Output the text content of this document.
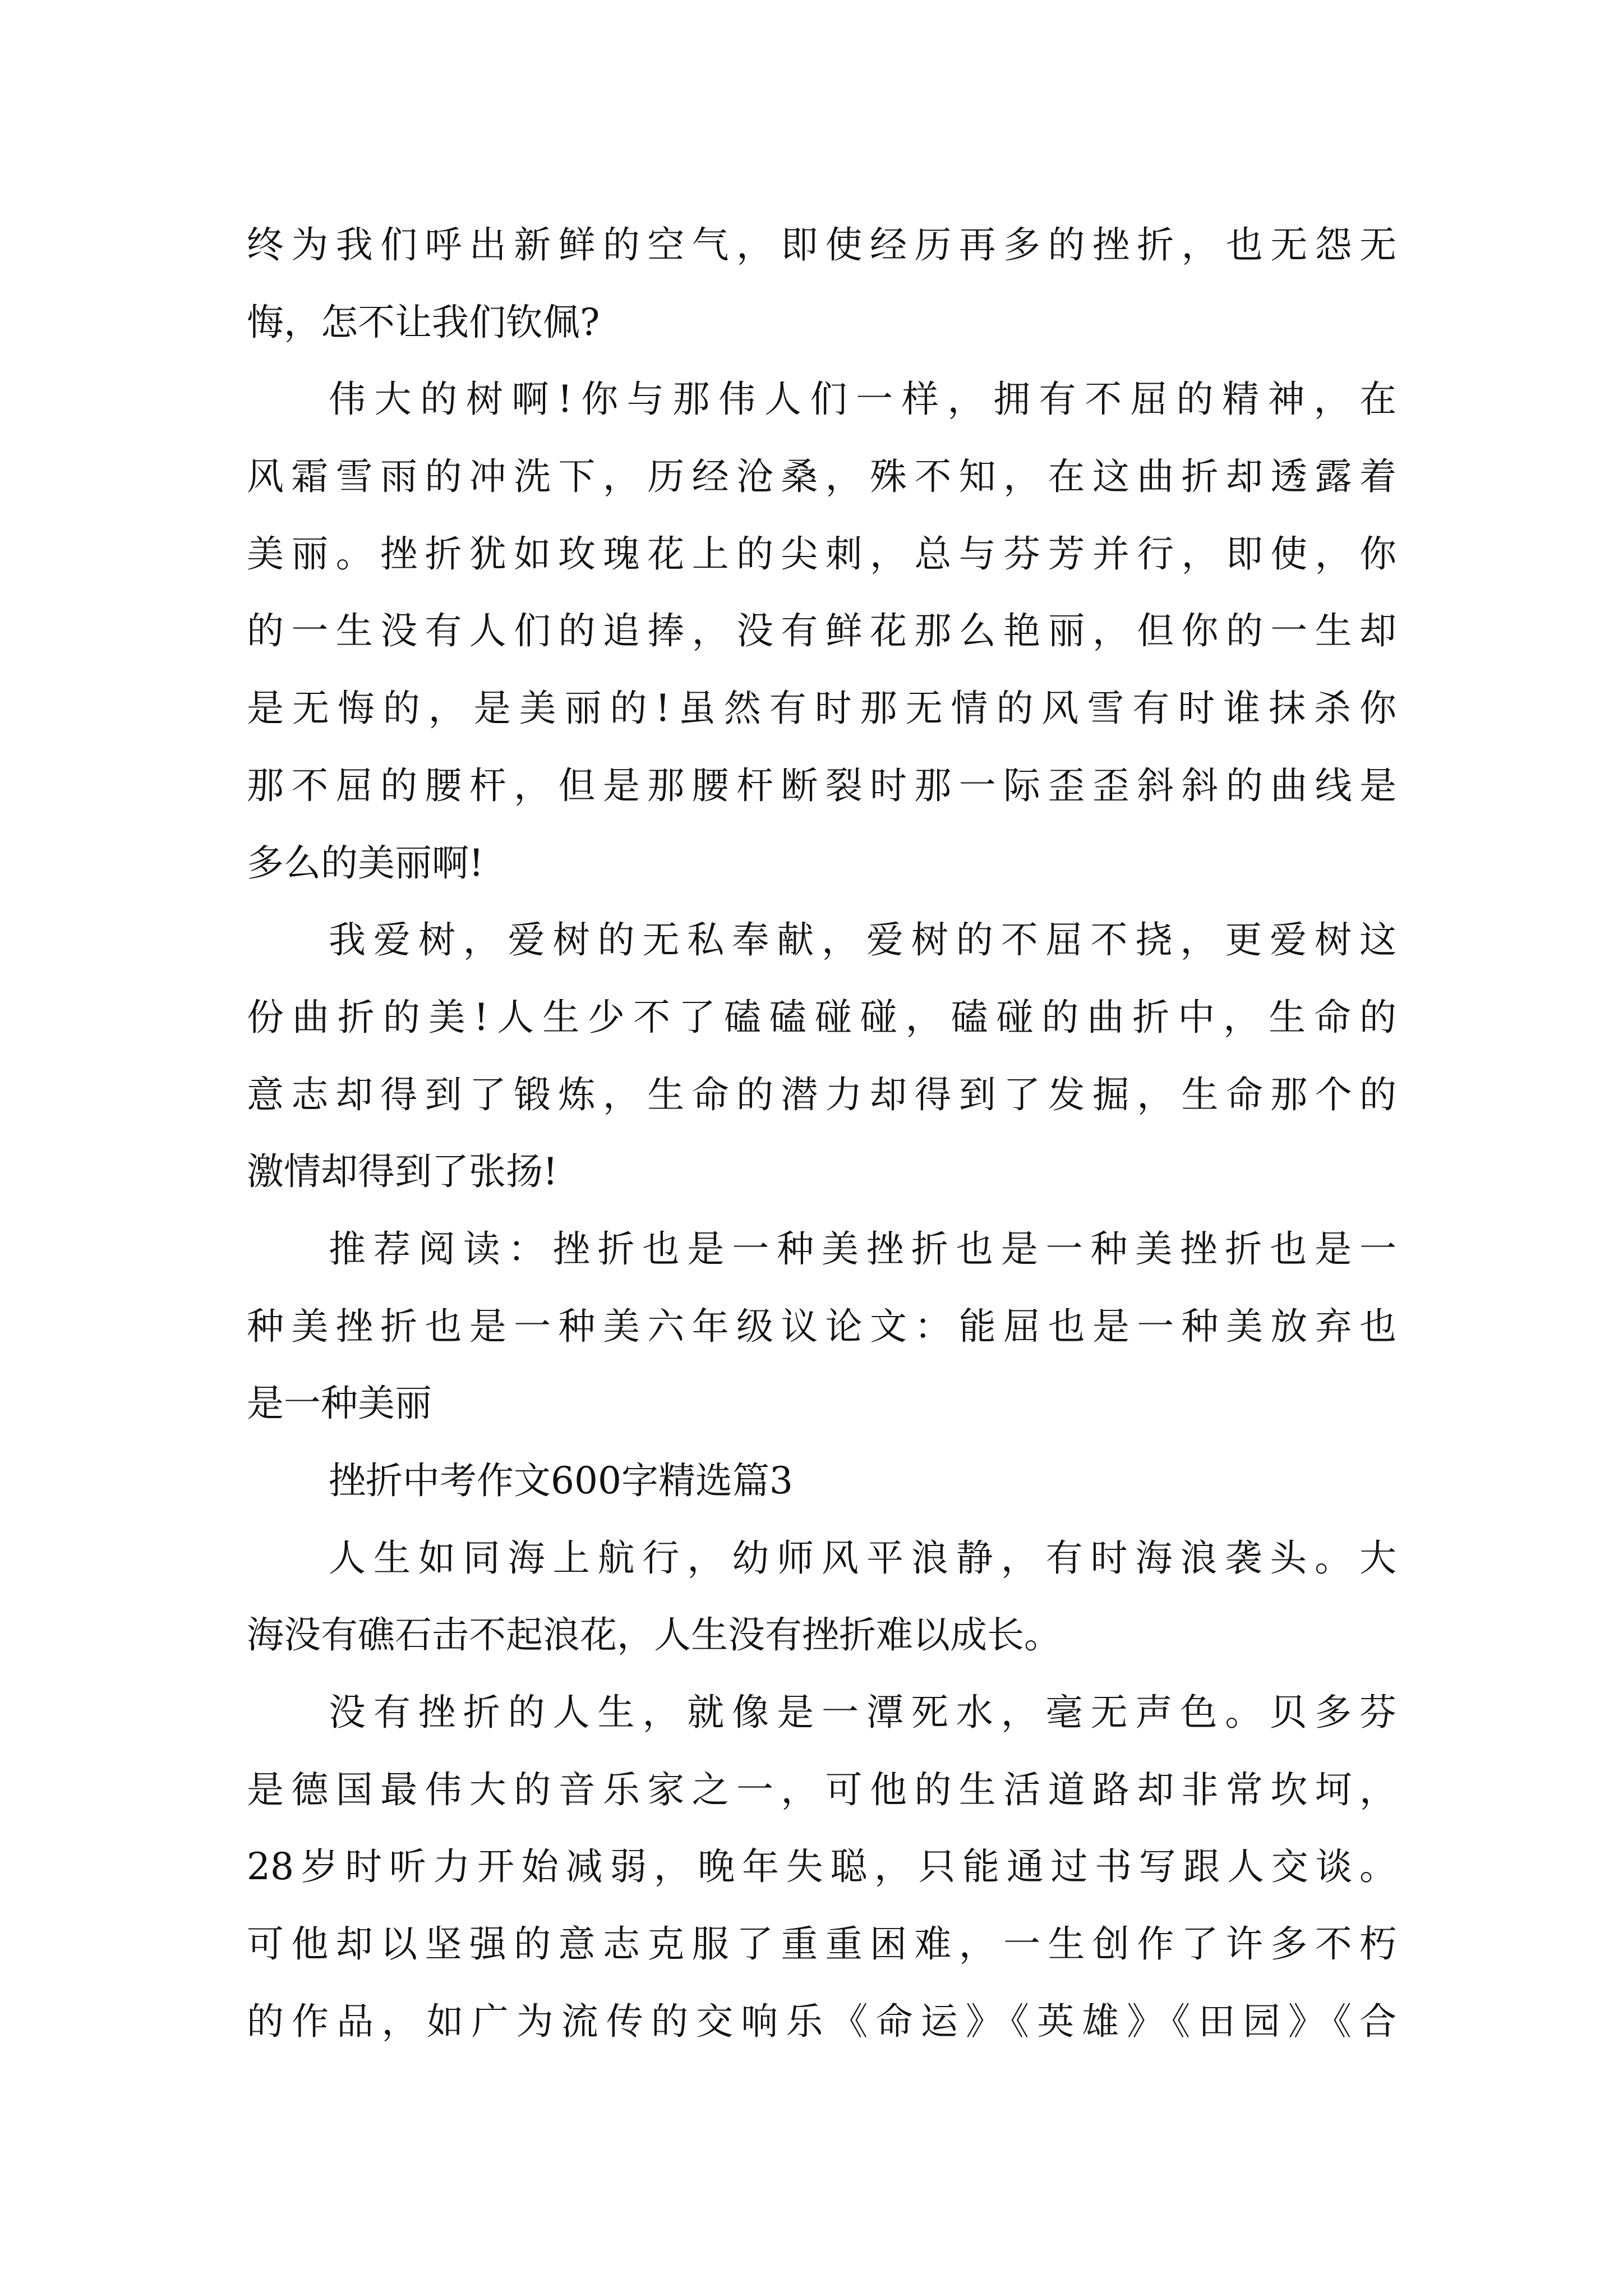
终为我们呼出新鲜的空气，即使经历再多的挫折，也无怨无
悔，怎不让我们钦佩?
伟大的树啊!你与那伟人们一样，拥有不屈的精神，在
风霜雪雨的冲洗下，历经沧桑，殊不知，在这曲折却透露着
美丽。挫折犹如玫瑰花上的尖刺，总与芬芳并行，即使，你
的一生没有人们的追捧，没有鲜花那么艳丽，但你的一生却
是无悔的，是美丽的!虽然有时那无情的风雪有时谁抹杀你
那不屈的腰杆，但是那腰杆断裂时那一际歪歪斜斜的曲线是
多么的美丽啊!
我爱树，爱树的无私奉献，爱树的不屈不挠，更爱树这
份曲折的美!人生少不了磕磕碰碰，磕碰的曲折中，生命的
意志却得到了锻炼，生命的潜力却得到了发掘，生命那个的
激情却得到了张扬!
推荐阅读：挫折也是一种美挫折也是一种美挫折也是一
种美挫折也是一种美六年级议论文：能屈也是一种美放弃也
是一种美丽
挫折中考作文600字精选篇3
人生如同海上航行，幼师风平浪静，有时海浪袭头。大
海没有礁石击不起浪花，人生没有挫折难以成长。
没有挫折的人生，就像是一潭死水，毫无声色。贝多芬
是德国最伟大的音乐家之一，可他的生活道路却非常坎坷，
28岁时听力开始减弱，晚年失聪，只能通过书写跟人交谈。
可他却以坚强的意志克服了重重困难，一生创作了许多不朽
的作品，如广为流传的交响乐《命运》《英雄》《田园》《合
